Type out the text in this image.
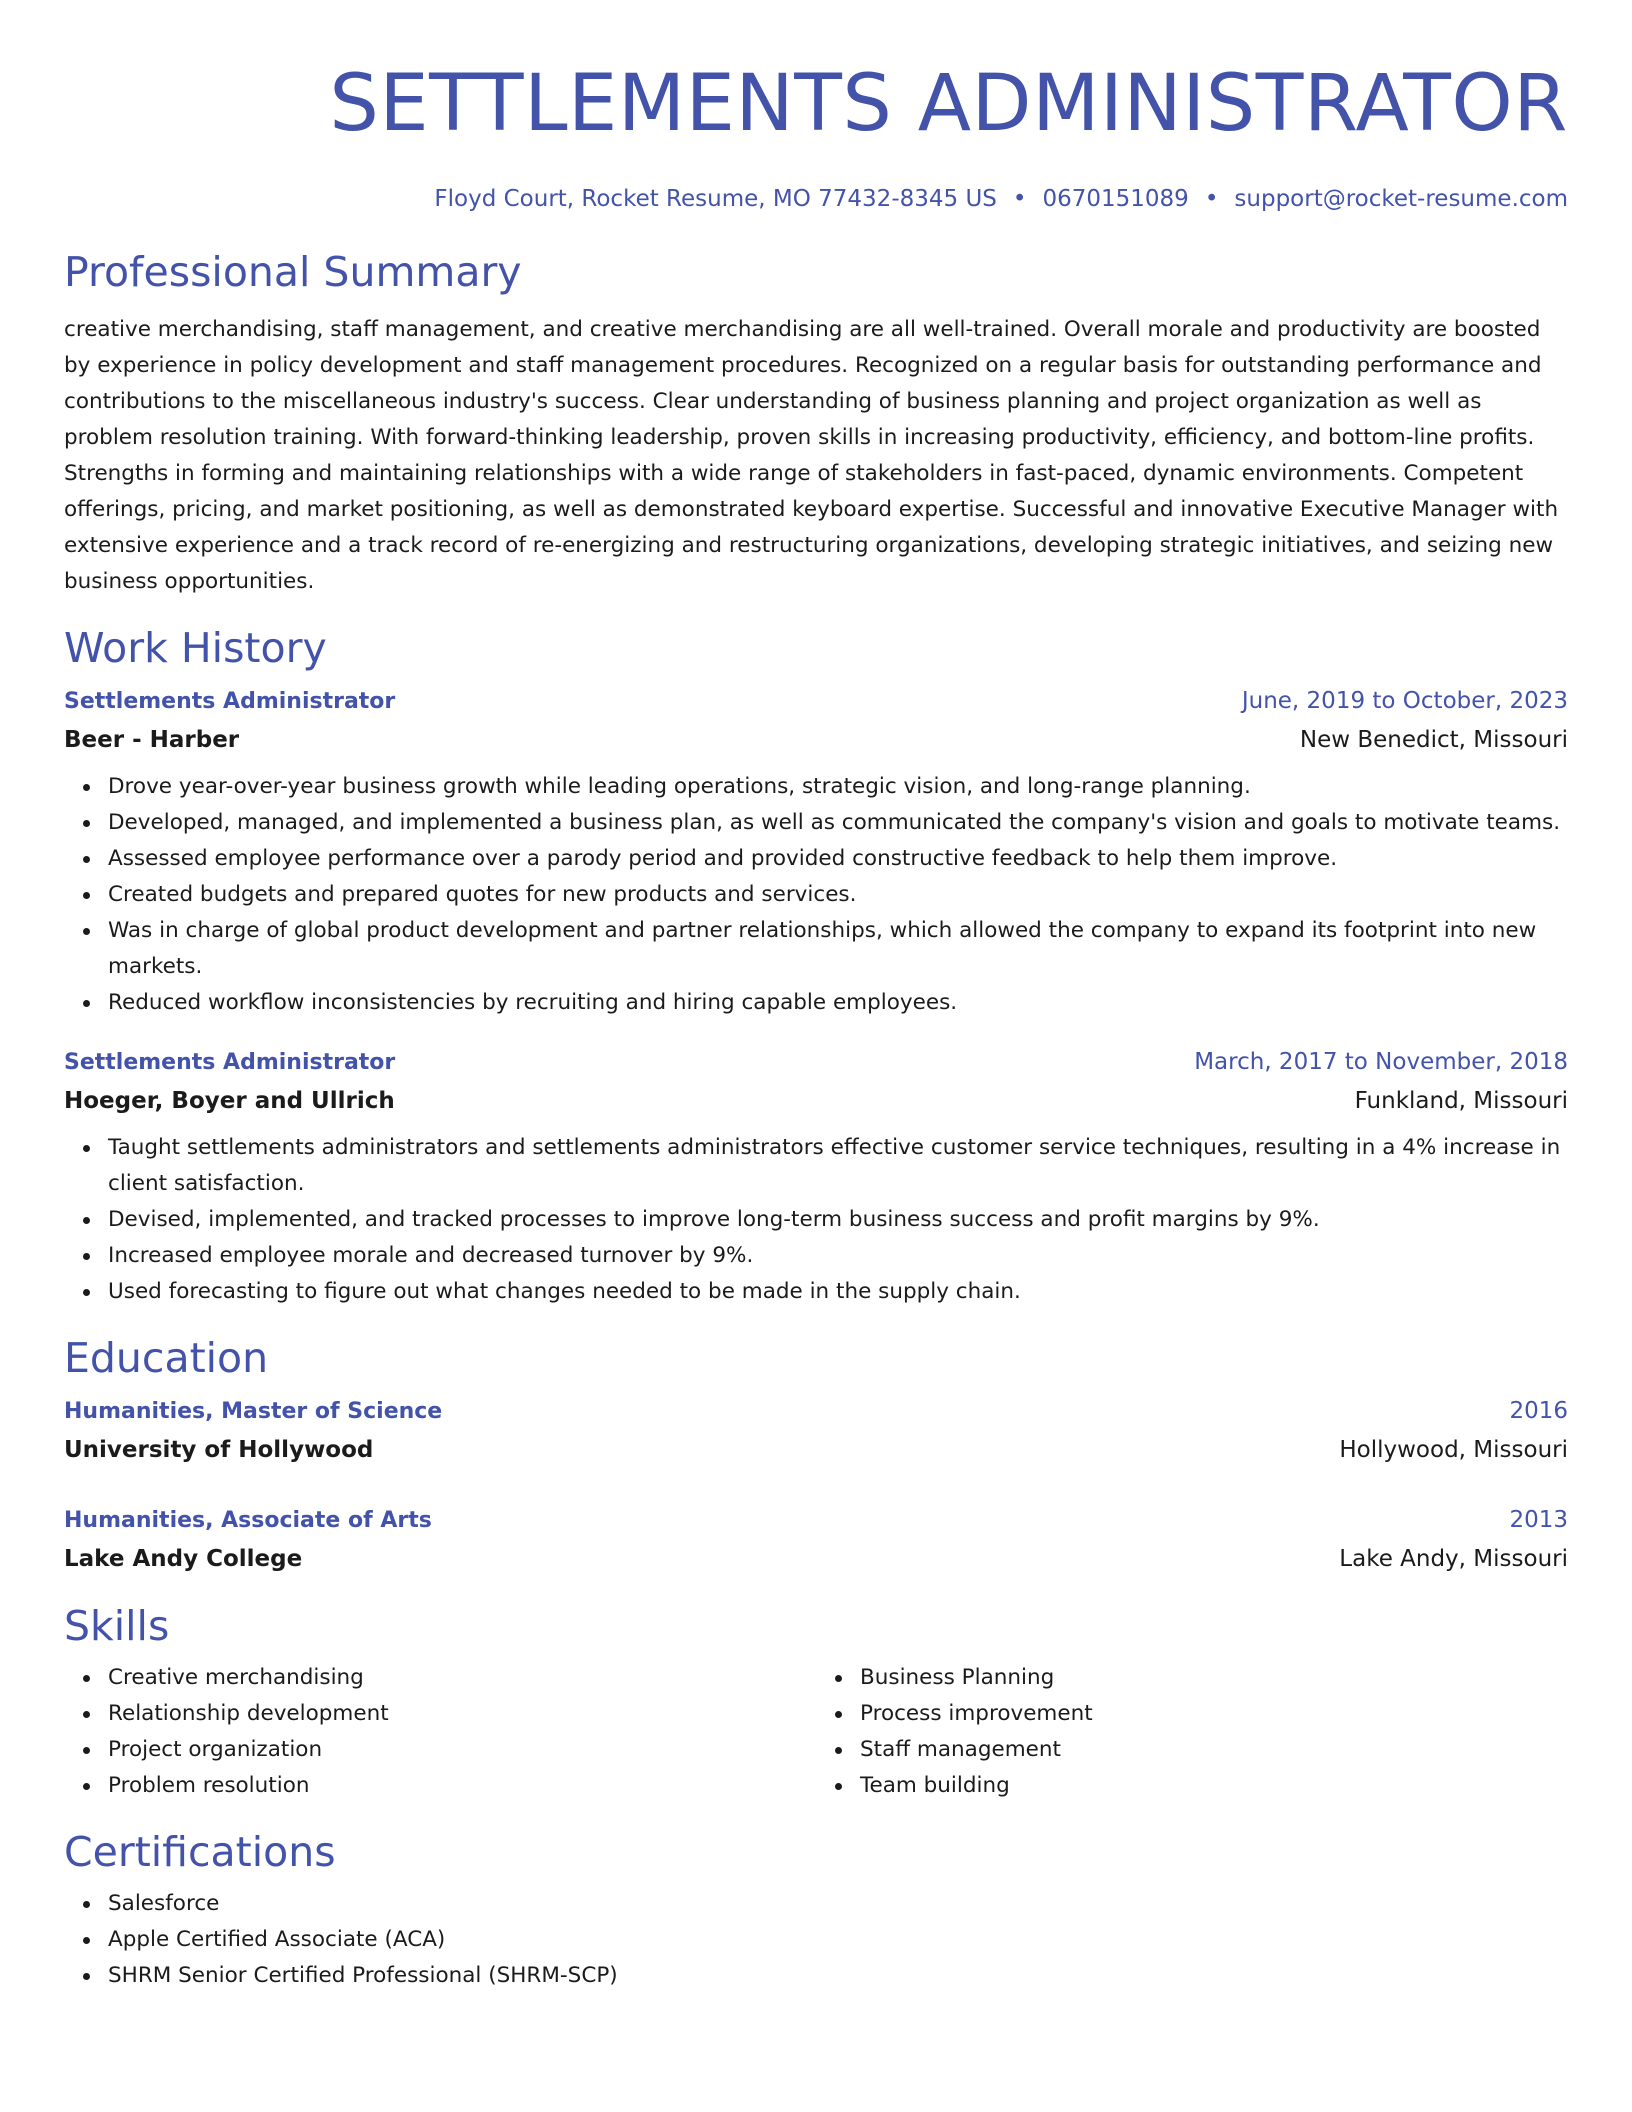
SETTLEMENTS ADMINISTRATOR
Floyd Court, Rocket Resume, MO 77432-8345 US • 0670151089 • support@rocket-resume.com
Professional Summary
creative merchandising, staff management, and creative merchandising are all well-trained. Overall morale and productivity are boosted by experience in policy development and staff management procedures. Recognized on a regular basis for outstanding performance and contributions to the miscellaneous industry's success. Clear understanding of business planning and project organization as well as problem resolution training. With forward-thinking leadership, proven skills in increasing productivity, efficiency, and bottom-line profits. Strengths in forming and maintaining relationships with a wide range of stakeholders in fast-paced, dynamic environments. Competent offerings, pricing, and market positioning, as well as demonstrated keyboard expertise. Successful and innovative Executive Manager with extensive experience and a track record of re-energizing and restructuring organizations, developing strategic initiatives, and seizing new business opportunities.
Work History
Settlements Administrator	June, 2019 to October, 2023
Beer - Harber	New Benedict, Missouri
Drove year-over-year business growth while leading operations, strategic vision, and long-range planning.
Developed, managed, and implemented a business plan, as well as communicated the company's vision and goals to motivate teams.
Assessed employee performance over a parody period and provided constructive feedback to help them improve.
Created budgets and prepared quotes for new products and services.
Was in charge of global product development and partner relationships, which allowed the company to expand its footprint into new markets.
Reduced workflow inconsistencies by recruiting and hiring capable employees.
Settlements Administrator	March, 2017 to November, 2018
Hoeger, Boyer and Ullrich	Funkland, Missouri
Taught settlements administrators and settlements administrators effective customer service techniques, resulting in a 4% increase in client satisfaction.
Devised, implemented, and tracked processes to improve long-term business success and profit margins by 9%.
Increased employee morale and decreased turnover by 9%.
Used forecasting to figure out what changes needed to be made in the supply chain.
Education
Humanities, Master of Science	2016
University of Hollywood	Hollywood, Missouri
Humanities, Associate of Arts	2013
Lake Andy College	Lake Andy, Missouri
Skills
Creative merchandising
Relationship development
Project organization
Problem resolution
Business Planning
Process improvement
Staff management
Team building
Certifications
Salesforce
Apple Certified Associate (ACA)
SHRM Senior Certified Professional (SHRM-SCP)
